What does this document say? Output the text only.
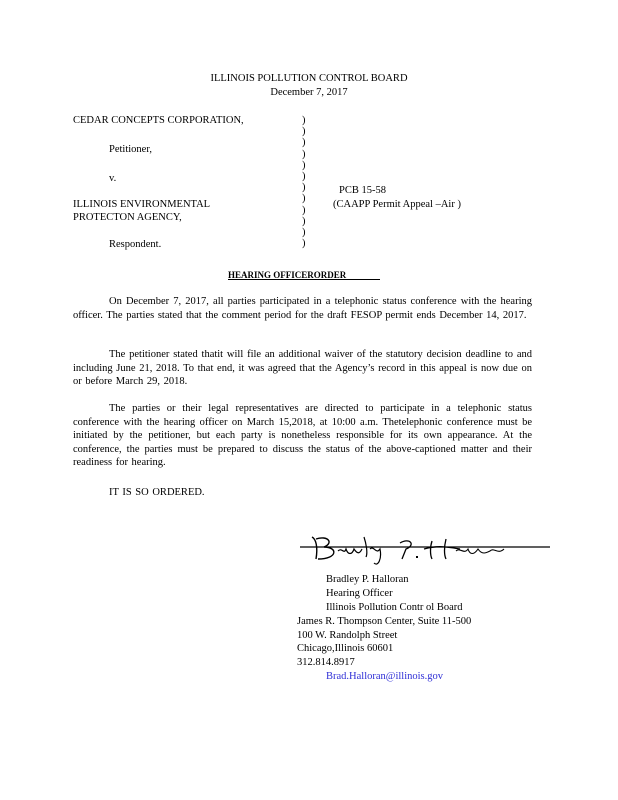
ILLINOIS POLLUTION CONTROL BOARD
December 7, 2017
CEDAR CONCEPTS CORPORATION,
Petitioner,
v.
ILLINOIS ENVIRONMENTAL
PROTECTON AGENCY,
Respondent.
)
)
)
)
)
)
)
)
)
)
)
)
PCB 15-58
(CAAPP Permit Appeal –Air )
HEARING OFFICERORDER

On December 7, 2017, all parties participated in a telephonic status conference with the hearing officer. The parties stated that the comment period for the draft FESOP permit ends December 14, 2017.

The petitioner stated thatit will file an additional waiver of the statutory decision deadline to and including June 21, 2018. To that end, it was agreed that the Agency’s record in this appeal is now due on or before March 29, 2018.

The parties or their legal representatives are directed to participate in a telephonic status conference with the hearing officer on March 15,2018, at 10:00 a.m. Thetelephonic conference must be initiated by the petitioner, but each party is nonetheless responsible for its own appearance. At the conference, the parties must be prepared to discuss the status of the above-captioned matter and their readiness for hearing.

IT IS SO ORDERED.

Bradley P. Halloran
Hearing Officer
Illinois Pollution Contr ol Board
James R. Thompson Center, Suite 11-500
100 W. Randolph Street
Chicago,Illinois 60601
312.814.8917
Brad.Halloran@illinois.gov
